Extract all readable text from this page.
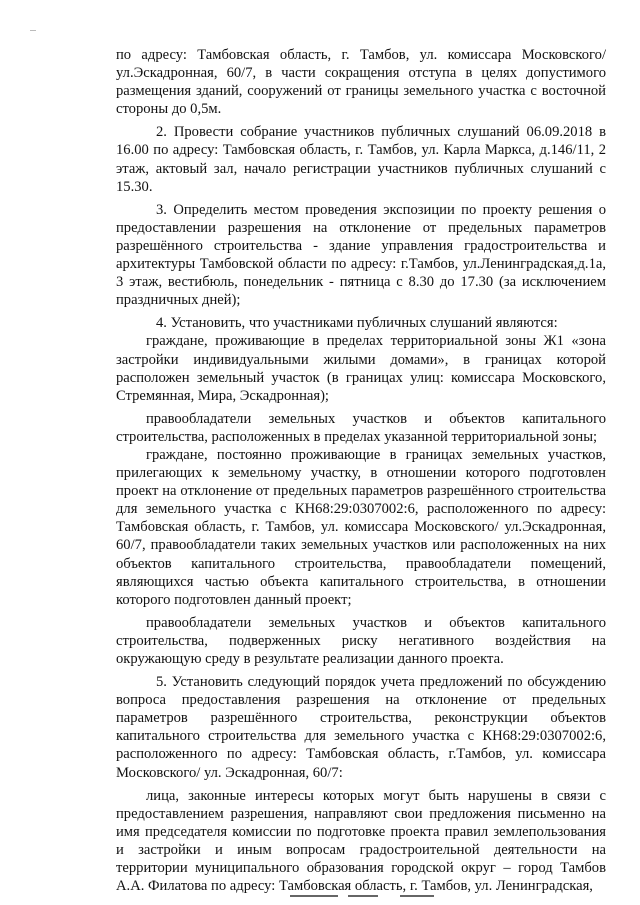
по адресу: Тамбовская область, г. Тамбов, ул. комиссара Московского/ ул.Эскадронная, 60/7, в части сокращения отступа в целях допустимого размещения зданий, сооружений от границы земельного участка с восточной стороны до 0,5м.

2. Провести собрание участников публичных слушаний 06.09.2018 в 16.00 по адресу: Тамбовская область, г. Тамбов, ул. Карла Маркса, д.146/11, 2 этаж, актовый зал, начало регистрации участников публичных слушаний с 15.30.

3. Определить местом проведения экспозиции по проекту решения о предоставлении разрешения на отклонение от предельных параметров разрешённого строительства - здание управления градостроительства и архитектуры Тамбовской области по адресу: г.Тамбов, ул.Ленинградская,д.1а, 3 этаж, вестибюль, понедельник - пятница с 8.30 до 17.30 (за исключением праздничных дней);

4. Установить, что участниками публичных слушаний являются:

граждане, проживающие в пределах территориальной зоны Ж1 «зона застройки индивидуальными жилыми домами», в границах которой расположен земельный участок (в границах улиц: комиссара Московского, Стремянная, Мира, Эскадронная);

правообладатели земельных участков и объектов капитального строительства, расположенных в пределах указанной территориальной зоны;

граждане, постоянно проживающие в границах земельных участков, прилегающих к земельному участку, в отношении которого подготовлен проект на отклонение от предельных параметров разрешённого строительства для земельного участка с КН68:29:0307002:6, расположенного по адресу: Тамбовская область, г. Тамбов, ул. комиссара Московского/ ул.Эскадронная, 60/7, правообладатели таких земельных участков или расположенных на них объектов капитального строительства, правообладатели помещений, являющихся частью объекта капитального строительства, в отношении которого подготовлен данный проект;

правообладатели земельных участков и объектов капитального строительства, подверженных риску негативного воздействия на окружающую среду в результате реализации данного проекта.

5. Установить следующий порядок учета предложений по обсуждению вопроса предоставления разрешения на отклонение от предельных параметров разрешённого строительства, реконструкции объектов капитального строительства для земельного участка с КН68:29:0307002:6, расположенного по адресу: Тамбовская область, г.Тамбов, ул. комиссара Московского/ ул. Эскадронная, 60/7:

лица, законные интересы которых могут быть нарушены в связи с предоставлением разрешения, направляют свои предложения письменно на имя председателя комиссии по подготовке проекта правил землепользования и застройки и иным вопросам градостроительной деятельности на территории муниципального образования городской округ – город Тамбов А.А. Филатова по адресу: Тамбовская область, г. Тамбов, ул. Ленинградская,
